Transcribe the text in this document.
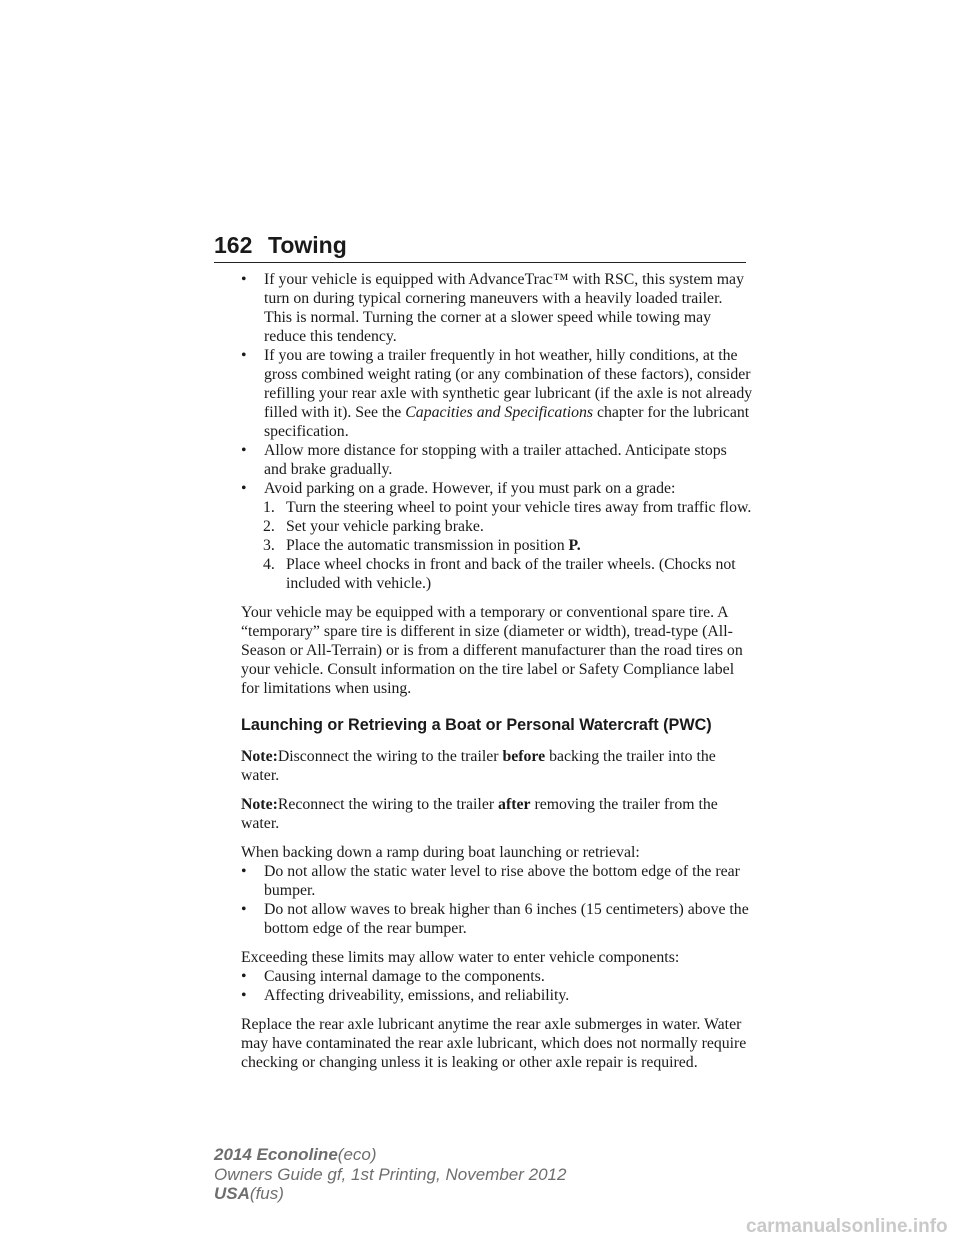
162 Towing

• If your vehicle is equipped with AdvanceTrac™ with RSC, this system may turn on during typical cornering maneuvers with a heavily loaded trailer. This is normal. Turning the corner at a slower speed while towing may reduce this tendency.

• If you are towing a trailer frequently in hot weather, hilly conditions, at the gross combined weight rating (or any combination of these factors), consider refilling your rear axle with synthetic gear lubricant (if the axle is not already filled with it). See the Capacities and Specifications chapter for the lubricant specification.

• Allow more distance for stopping with a trailer attached. Anticipate stops and brake gradually.

• Avoid parking on a grade. However, if you must park on a grade:

1. Turn the steering wheel to point your vehicle tires away from traffic flow.

2. Set your vehicle parking brake.

3. Place the automatic transmission in position P.

4. Place wheel chocks in front and back of the trailer wheels. (Chocks not included with vehicle.)

Your vehicle may be equipped with a temporary or conventional spare tire. A “temporary” spare tire is different in size (diameter or width), tread-type (All-Season or All-Terrain) or is from a different manufacturer than the road tires on your vehicle. Consult information on the tire label or Safety Compliance label for limitations when using.

Launching or Retrieving a Boat or Personal Watercraft (PWC)

Note:Disconnect the wiring to the trailer before backing the trailer into the water.

Note:Reconnect the wiring to the trailer after removing the trailer from the water.

When backing down a ramp during boat launching or retrieval:

• Do not allow the static water level to rise above the bottom edge of the rear bumper.

• Do not allow waves to break higher than 6 inches (15 centimeters) above the bottom edge of the rear bumper.

Exceeding these limits may allow water to enter vehicle components:

• Causing internal damage to the components.

• Affecting driveability, emissions, and reliability.

Replace the rear axle lubricant anytime the rear axle submerges in water. Water may have contaminated the rear axle lubricant, which does not normally require checking or changing unless it is leaking or other axle repair is required.

2014 Econoline(eco)
Owners Guide gf, 1st Printing, November 2012
USA(fus)
carmanualsonline.info
